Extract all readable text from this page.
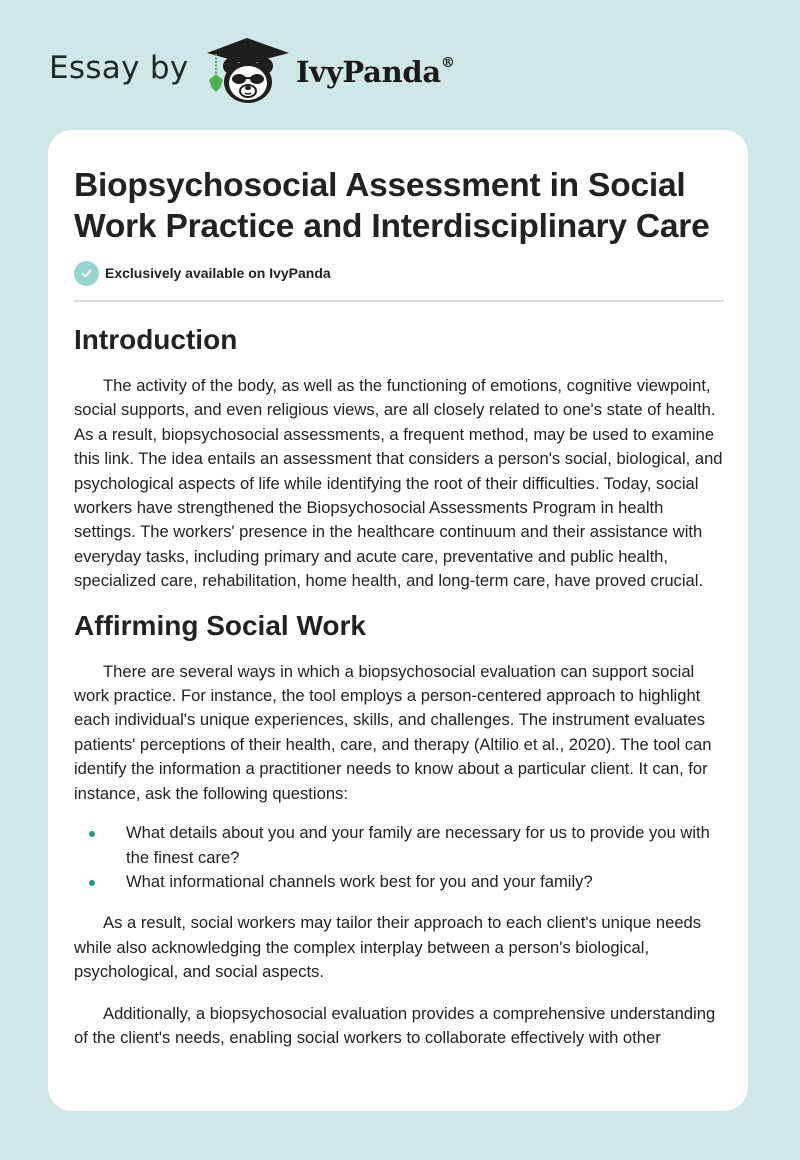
Essay by	IvyPanda®
Biopsychosocial Assessment in Social Work Practice and Interdisciplinary Care
Exclusively available on IvyPanda
Introduction

The activity of the body, as well as the functioning of emotions, cognitive viewpoint, social supports, and even religious views, are all closely related to one's state of health. As a result, biopsychosocial assessments, a frequent method, may be used to examine this link. The idea entails an assessment that considers a person's social, biological, and psychological aspects of life while identifying the root of their difficulties. Today, social workers have strengthened the Biopsychosocial Assessments Program in health settings. The workers' presence in the healthcare continuum and their assistance with everyday tasks, including primary and acute care, preventative and public health, specialized care, rehabilitation, home health, and long-term care, have proved crucial.

Affirming Social Work

There are several ways in which a biopsychosocial evaluation can support social work practice. For instance, the tool employs a person-centered approach to highlight each individual's unique experiences, skills, and challenges. The instrument evaluates patients' perceptions of their health, care, and therapy (Altilio et al., 2020). The tool can identify the information a practitioner needs to know about a particular client. It can, for instance, ask the following questions:

What details about you and your family are necessary for us to provide you with the finest care?
What informational channels work best for you and your family?

As a result, social workers may tailor their approach to each client's unique needs while also acknowledging the complex interplay between a person's biological, psychological, and social aspects.

Additionally, a biopsychosocial evaluation provides a comprehensive understanding of the client's needs, enabling social workers to collaborate effectively with other
